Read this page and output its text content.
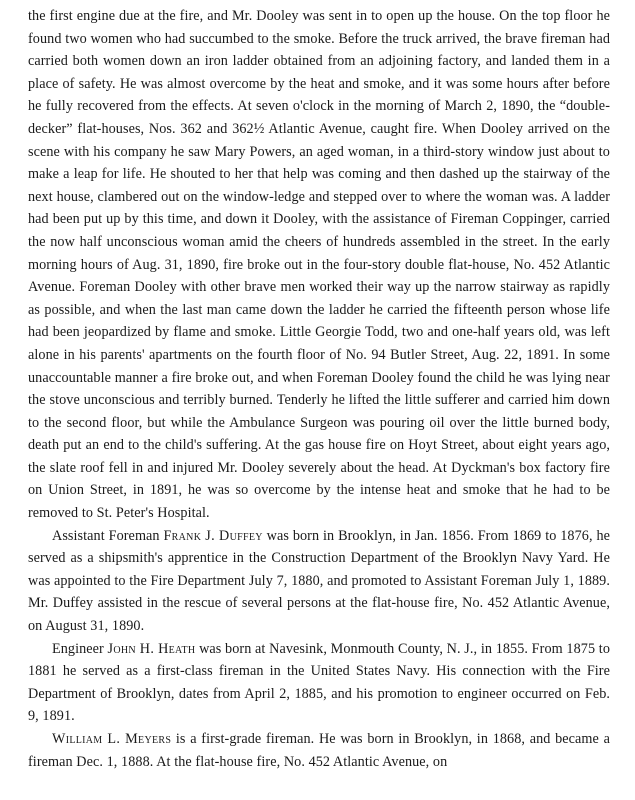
the first engine due at the fire, and Mr. Dooley was sent in to open up the house. On the top floor he found two women who had succumbed to the smoke. Before the truck arrived, the brave fireman had carried both women down an iron ladder obtained from an adjoining factory, and landed them in a place of safety. He was almost overcome by the heat and smoke, and it was some hours after before he fully recovered from the effects. At seven o'clock in the morning of March 2, 1890, the “double-decker” flat-houses, Nos. 362 and 362½ Atlantic Avenue, caught fire. When Dooley arrived on the scene with his company he saw Mary Powers, an aged woman, in a third-story window just about to make a leap for life. He shouted to her that help was coming and then dashed up the stairway of the next house, clambered out on the window-ledge and stepped over to where the woman was. A ladder had been put up by this time, and down it Dooley, with the assistance of Fireman Coppinger, carried the now half unconscious woman amid the cheers of hundreds assembled in the street. In the early morning hours of Aug. 31, 1890, fire broke out in the four-story double flat-house, No. 452 Atlantic Avenue. Foreman Dooley with other brave men worked their way up the narrow stairway as rapidly as possible, and when the last man came down the ladder he carried the fifteenth person whose life had been jeopardized by flame and smoke. Little Georgie Todd, two and one-half years old, was left alone in his parents' apartments on the fourth floor of No. 94 Butler Street, Aug. 22, 1891. In some unaccountable manner a fire broke out, and when Foreman Dooley found the child he was lying near the stove unconscious and terribly burned. Tenderly he lifted the little sufferer and carried him down to the second floor, but while the Ambulance Surgeon was pouring oil over the little burned body, death put an end to the child's suffering. At the gas house fire on Hoyt Street, about eight years ago, the slate roof fell in and injured Mr. Dooley severely about the head. At Dyckman's box factory fire on Union Street, in 1891, he was so overcome by the intense heat and smoke that he had to be removed to St. Peter's Hospital.

Assistant Foreman Frank J. Duffey was born in Brooklyn, in Jan. 1856. From 1869 to 1876, he served as a shipsmith's apprentice in the Construction Department of the Brooklyn Navy Yard. He was appointed to the Fire Department July 7, 1880, and promoted to Assistant Foreman July 1, 1889. Mr. Duffey assisted in the rescue of several persons at the flat-house fire, No. 452 Atlantic Avenue, on August 31, 1890.

Engineer John H. Heath was born at Navesink, Monmouth County, N. J., in 1855. From 1875 to 1881 he served as a first-class fireman in the United States Navy. His connection with the Fire Department of Brooklyn, dates from April 2, 1885, and his promotion to engineer occurred on Feb. 9, 1891.

William L. Meyers is a first-grade fireman. He was born in Brooklyn, in 1868, and became a fireman Dec. 1, 1888. At the flat-house fire, No. 452 Atlantic Avenue, on
